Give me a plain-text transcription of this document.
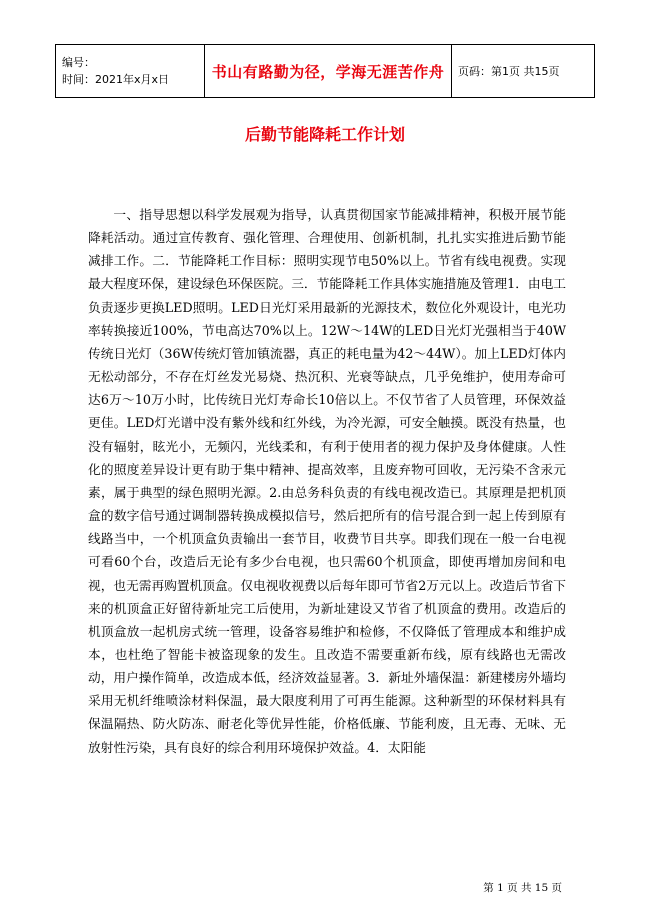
编号：
时间：2021年x月x日	书山有路勤为径，学海无涯苦作舟	页码：第1页 共15页
后勤节能降耗工作计划

一、指导思想以科学发展观为指导，认真贯彻国家节能减排精神，积极开展节能降耗活动。通过宣传教育、强化管理、合理使用、创新机制，扎扎实实推进后勤节能减排工作。二．节能降耗工作目标：照明实现节电50%以上。节省有线电视费。实现最大程度环保，建设绿色环保医院。三．节能降耗工作具体实施措施及管理1．由电工负责逐步更换LED照明。LED日光灯采用最新的光源技术，数位化外观设计，电光功率转换接近100%，节电高达70%以上。12W～14W的LED日光灯光强相当于40W传统日光灯（36W传统灯管加镇流器，真正的耗电量为42～44W）。加上LED灯体内无松动部分，不存在灯丝发光易烧、热沉积、光衰等缺点，几乎免维护，使用寿命可达6万～10万小时，比传统日光灯寿命长10倍以上。不仅节省了人员管理，环保效益更佳。LED灯光谱中没有紫外线和红外线，为冷光源，可安全触摸。既没有热量，也没有辐射，眩光小，无频闪，光线柔和，有利于使用者的视力保护及身体健康。人性化的照度差异设计更有助于集中精神、提高效率，且废弃物可回收，无污染不含汞元素，属于典型的绿色照明光源。2.由总务科负责的有线电视改造已。其原理是把机顶盒的数字信号通过调制器转换成模拟信号，然后把所有的信号混合到一起上传到原有线路当中，一个机顶盒负责输出一套节目，收费节目共享。即我们现在一般一台电视可看60个台，改造后无论有多少台电视，也只需60个机顶盒，即使再增加房间和电视，也无需再购置机顶盒。仅电视收视费以后每年即可节省2万元以上。改造后节省下来的机顶盒正好留待新址完工后使用，为新址建设又节省了机顶盒的费用。改造后的机顶盒放一起机房式统一管理，设备容易维护和检修，不仅降低了管理成本和维护成本，也杜绝了智能卡被盗现象的发生。且改造不需要重新布线，原有线路也无需改动，用户操作简单，改造成本低，经济效益显著。3．新址外墙保温：新建楼房外墙均采用无机纤维喷涂材料保温，最大限度利用了可再生能源。这种新型的环保材料具有保温隔热、防火防冻、耐老化等优异性能，价格低廉、节能利废，且无毒、无味、无放射性污染，具有良好的综合利用环境保护效益。4．太阳能

第 1 页 共 15 页
